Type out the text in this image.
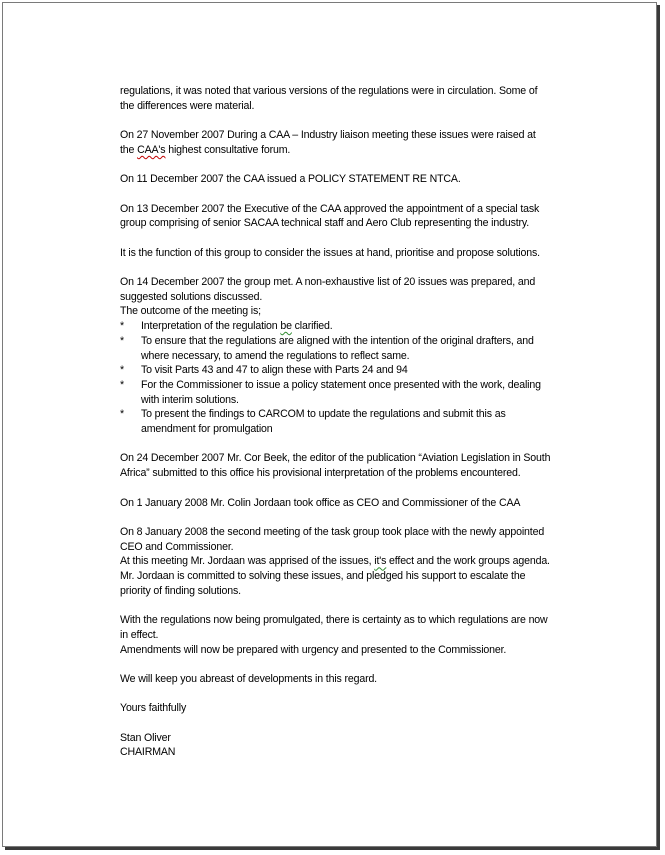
regulations, it was noted that various versions of the regulations were in circulation. Some of
the differences were material.
On 27 November 2007 During a CAA – Industry liaison meeting these issues were raised at
the CAA's highest consultative forum.
On 11 December 2007 the CAA issued a POLICY STATEMENT RE NTCA.
On 13 December 2007 the Executive of the CAA approved the appointment of a special task
group comprising of senior SACAA technical staff and Aero Club representing the industry.
It is the function of this group to consider the issues at hand, prioritise and propose solutions.
On 14 December 2007 the group met. A non-exhaustive list of 20 issues was prepared, and
suggested solutions discussed.
The outcome of the meeting is;
*	Interpretation of the regulation be clarified.
*	To ensure that the regulations are aligned with the intention of the original drafters, and
where necessary, to amend the regulations to reflect same.
*	To visit Parts 43 and 47 to align these with Parts 24 and 94
*	For the Commissioner to issue a policy statement once presented with the work, dealing
with interim solutions.
*	To present the findings to CARCOM to update the regulations and submit this as
amendment for promulgation
On 24 December 2007 Mr. Cor Beek, the editor of the publication “Aviation Legislation in South
Africa” submitted to this office his provisional interpretation of the problems encountered.
On 1 January 2008 Mr. Colin Jordaan took office as CEO and Commissioner of the CAA
On 8 January 2008 the second meeting of the task group took place with the newly appointed
CEO and Commissioner.
At this meeting Mr. Jordaan was apprised of the issues, it's effect and the work groups agenda.
Mr. Jordaan is committed to solving these issues, and pledged his support to escalate the
priority of finding solutions.
With the regulations now being promulgated, there is certainty as to which regulations are now
in effect.
Amendments will now be prepared with urgency and presented to the Commissioner.
We will keep you abreast of developments in this regard.
Yours faithfully
Stan Oliver
CHAIRMAN
